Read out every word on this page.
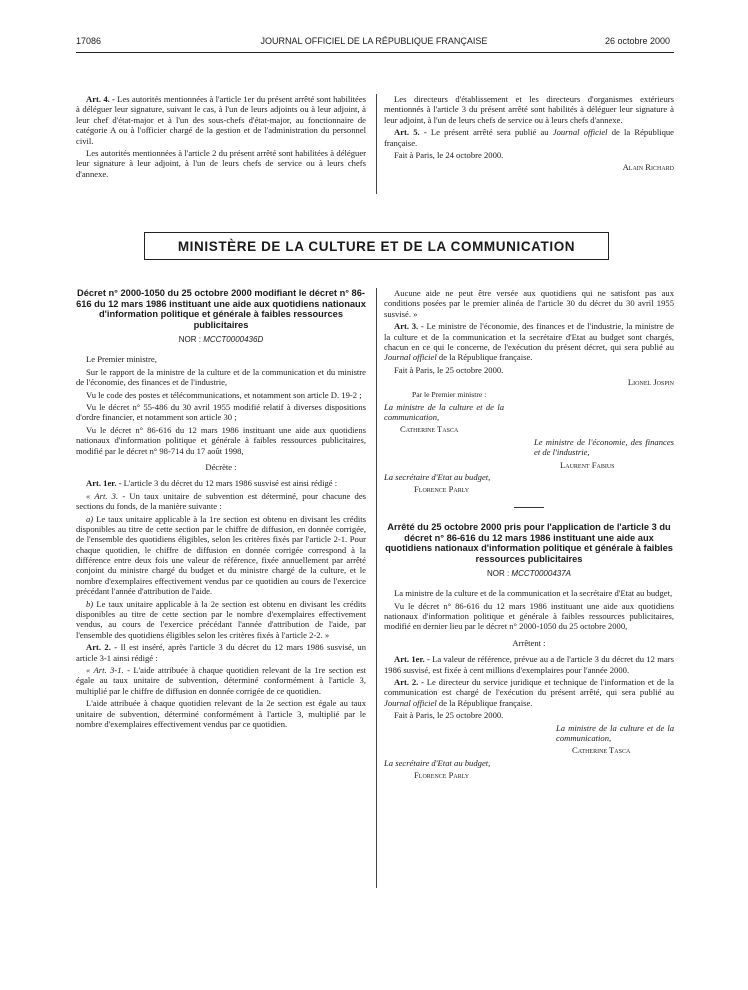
17086	JOURNAL OFFICIEL DE LA RÉPUBLIQUE FRANÇAISE	26 octobre 2000

Art. 4. - Les autorités mentionnées à l'article 1er du présent arrêté sont habilitées à déléguer leur signature, suivant le cas, à l'un de leurs adjoints ou à leur adjoint, à leur chef d'état-major et à l'un des sous-chefs d'état-major, au fonctionnaire de catégorie A ou à l'officier chargé de la gestion et de l'administration du personnel civil.

Les autorités mentionnées à l'article 2 du présent arrêté sont habilitées à déléguer leur signature à leur adjoint, à l'un de leurs chefs de service ou à leurs chefs d'annexe.

Les directeurs d'établissement et les directeurs d'organismes extérieurs mentionnés à l'article 3 du présent arrêté sont habilités à déléguer leur signature à leur adjoint, à l'un de leurs chefs de service ou à leurs chefs d'annexe.

Art. 5. - Le présent arrêté sera publié au Journal officiel de la République française.

Fait à Paris, le 24 octobre 2000.

Alain Richard

MINISTÈRE DE LA CULTURE ET DE LA COMMUNICATION
Décret n° 2000-1050 du 25 octobre 2000 modifiant le décret n° 86-616 du 12 mars 1986 instituant une aide aux quotidiens nationaux d'information politique et générale à faibles ressources publicitaires
NOR : MCCT0000436D

Le Premier ministre,

Sur le rapport de la ministre de la culture et de la communication et du ministre de l'économie, des finances et de l'industrie,

Vu le code des postes et télécommunications, et notamment son article D. 19-2 ;

Vu le décret n° 55-486 du 30 avril 1955 modifié relatif à diverses dispositions d'ordre financier, et notamment son article 30 ;

Vu le décret n° 86-616 du 12 mars 1986 instituant une aide aux quotidiens nationaux d'information politique et générale à faibles ressources publicitaires, modifié par le décret n° 98-714 du 17 août 1998,

Décrète :

Art. 1er. - L'article 3 du décret du 12 mars 1986 susvisé est ainsi rédigé :

« Art. 3. - Un taux unitaire de subvention est déterminé, pour chacune des sections du fonds, de la manière suivante :

a) Le taux unitaire applicable à la 1re section est obtenu en divisant les crédits disponibles au titre de cette section par le chiffre de diffusion, en donnée corrigée, de l'ensemble des quotidiens éligibles, selon les critères fixés par l'article 2-1. Pour chaque quotidien, le chiffre de diffusion en donnée corrigée correspond à la différence entre deux fois une valeur de référence, fixée annuellement par arrêté conjoint du ministre chargé du budget et du ministre chargé de la culture, et le nombre d'exemplaires effectivement vendus par ce quotidien au cours de l'exercice précédant l'année d'attribution de l'aide.

b) Le taux unitaire applicable à la 2e section est obtenu en divisant les crédits disponibles au titre de cette section par le nombre d'exemplaires effectivement vendus, au cours de l'exercice précédant l'année d'attribution de l'aide, par l'ensemble des quotidiens éligibles selon les critères fixés à l'article 2-2. »

Art. 2. - Il est inséré, après l'article 3 du décret du 12 mars 1986 susvisé, un article 3-1 ainsi rédigé :

« Art. 3-1. - L'aide attribuée à chaque quotidien relevant de la 1re section est égale au taux unitaire de subvention, déterminé conformément à l'article 3, multiplié par le chiffre de diffusion en donnée corrigée de ce quotidien.

L'aide attribuée à chaque quotidien relevant de la 2e section est égale au taux unitaire de subvention, déterminé conformément à l'article 3, multiplié par le nombre d'exemplaires effectivement vendus par ce quotidien.

Aucune aide ne peut être versée aux quotidiens qui ne satisfont pas aux conditions posées par le premier alinéa de l'article 30 du décret du 30 avril 1955 susvisé. »

Art. 3. - Le ministre de l'économie, des finances et de l'industrie, la ministre de la culture et de la communication et la secrétaire d'Etat au budget sont chargés, chacun en ce qui le concerne, de l'exécution du présent décret, qui sera publié au Journal officiel de la République française.

Fait à Paris, le 25 octobre 2000.

Lionel Jospin

Par le Premier ministre :

La ministre de la culture et de la communication,

Catherine Tasca

Le ministre de l'économie, des finances et de l'industrie,

Laurent Fabius

La secrétaire d'Etat au budget,

Florence Parly

Arrêté du 25 octobre 2000 pris pour l'application de l'article 3 du décret n° 86-616 du 12 mars 1986 instituant une aide aux quotidiens nationaux d'information politique et générale à faibles ressources publicitaires
NOR : MCCT0000437A

La ministre de la culture et de la communication et la secrétaire d'Etat au budget,

Vu le décret n° 86-616 du 12 mars 1986 instituant une aide aux quotidiens nationaux d'information politique et générale à faibles ressources publicitaires, modifié en dernier lieu par le décret n° 2000-1050 du 25 octobre 2000,

Arrêtent :

Art. 1er. - La valeur de référence, prévue au a de l'article 3 du décret du 12 mars 1986 susvisé, est fixée à cent millions d'exemplaires pour l'année 2000.

Art. 2. - Le directeur du service juridique et technique de l'information et de la communication est chargé de l'exécution du présent arrêté, qui sera publié au Journal officiel de la République française.

Fait à Paris, le 25 octobre 2000.

La ministre de la culture et de la communication,

Catherine Tasca

La secrétaire d'Etat au budget,

Florence Parly
